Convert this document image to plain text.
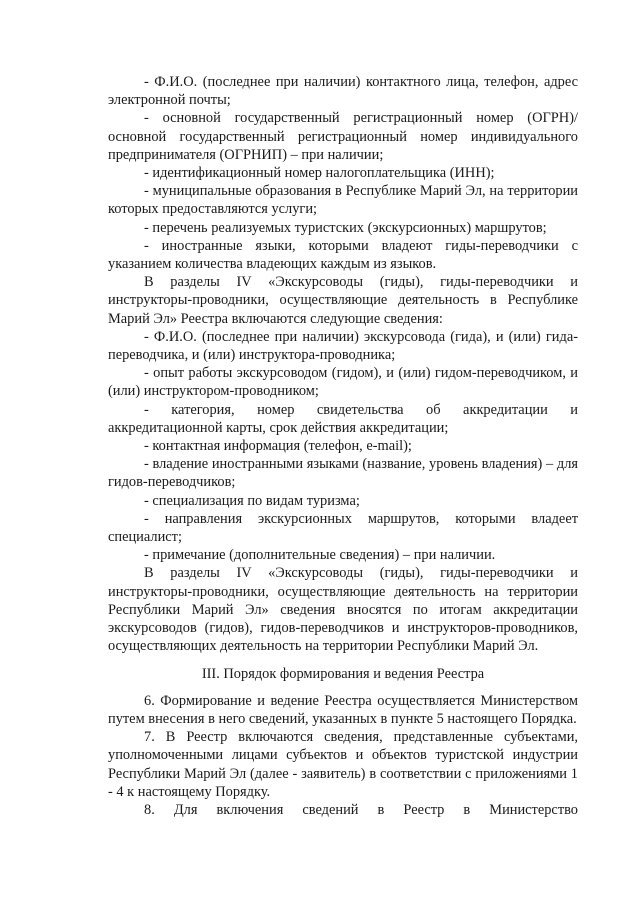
- Ф.И.О. (последнее при наличии) контактного лица, телефон, адрес электронной почты;

- основной государственный регистрационный номер (ОГРН)/ основной государственный регистрационный номер индивидуального предпринимателя (ОГРНИП) – при наличии;

- идентификационный номер налогоплательщика (ИНН);

- муниципальные образования в Республике Марий Эл, на территории которых предоставляются услуги;

- перечень реализуемых туристских (экскурсионных) маршрутов;

- иностранные языки, которыми владеют гиды-переводчики с указанием количества владеющих каждым из языков.

В разделы IV «Экскурсоводы (гиды), гиды-переводчики и инструкторы-проводники, осуществляющие деятельность в Республике Марий Эл» Реестра включаются следующие сведения:

- Ф.И.О. (последнее при наличии) экскурсовода (гида), и (или) гида-переводчика, и (или) инструктора-проводника;

- опыт работы экскурсоводом (гидом), и (или) гидом-переводчиком, и (или) инструктором-проводником;

- категория, номер свидетельства об аккредитации и аккредитационной карты, срок действия аккредитации;

- контактная информация (телефон, e-mail);

- владение иностранными языками (название, уровень владения) – для гидов-переводчиков;

- специализация по видам туризма;

- направления экскурсионных маршрутов, которыми владеет специалист;

- примечание (дополнительные сведения) – при наличии.

В разделы IV «Экскурсоводы (гиды), гиды-переводчики и инструкторы-проводники, осуществляющие деятельность на территории Республики Марий Эл» сведения вносятся по итогам аккредитации экскурсоводов (гидов), гидов-переводчиков и инструкторов-проводников, осуществляющих деятельность на территории Республики Марий Эл.

III. Порядок формирования и ведения Реестра

6. Формирование и ведение Реестра осуществляется Министерством путем внесения в него сведений, указанных в пункте 5 настоящего Порядка.

7. В Реестр включаются сведения, представленные субъектами, уполномоченными лицами субъектов и объектов туристской индустрии Республики Марий Эл (далее - заявитель) в соответствии с приложениями 1 - 4 к настоящему Порядку.

8. Для включения сведений в Реестр в Министерство
